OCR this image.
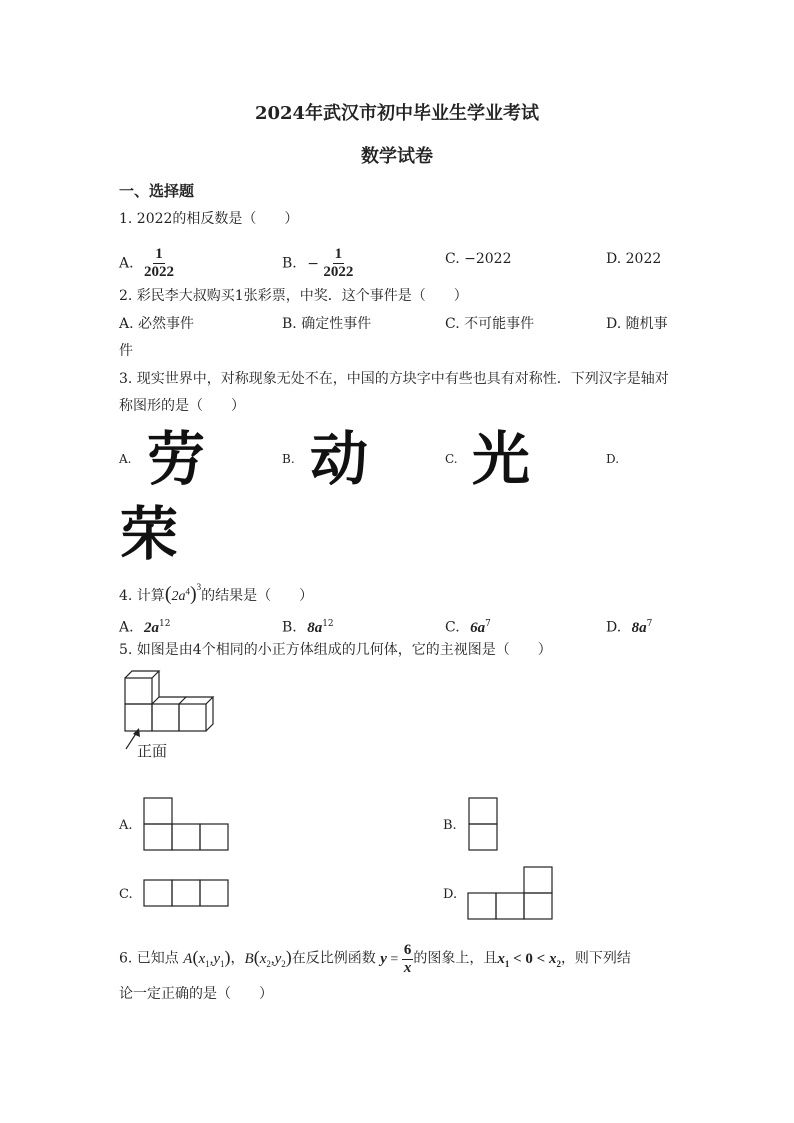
2024年武汉市初中毕业生学业考试
数学试卷
一、选择题
1. 2022的相反数是（　　）
A. $\frac{1}{2022}$	B. − $\frac{1}{2022}$	C. −2022	D. 2022
2. 彩民李大叔购买1张彩票，中奖．这个事件是（　　）
A. 必然事件	B. 确定性事件	C. 不可能事件	D. 随机事
件
3. 现实世界中，对称现象无处不在，中国的方块字中有些也具有对称性．下列汉字是轴对
称图形的是（　　）
A. 劳	B. 动	C. 光	D.
荣
4. 计算$(2a^4)^3$的结果是（　　）
A. $2a^{12}$	B. $8a^{12}$	C. $6a^7$	D. $8a^7$
5. 如图是由4个相同的小正方体组成的几何体，它的主视图是（　　）
正面
A.	B.
C.	D.
6. 已知点 $A(x_1,y_1)$，$B(x_2,y_2)$在反比例函数 $y = \frac{6}{x}$ 的图象上，且$x_1 < 0 < x_2$，则下列结
论一定正确的是（　　）
